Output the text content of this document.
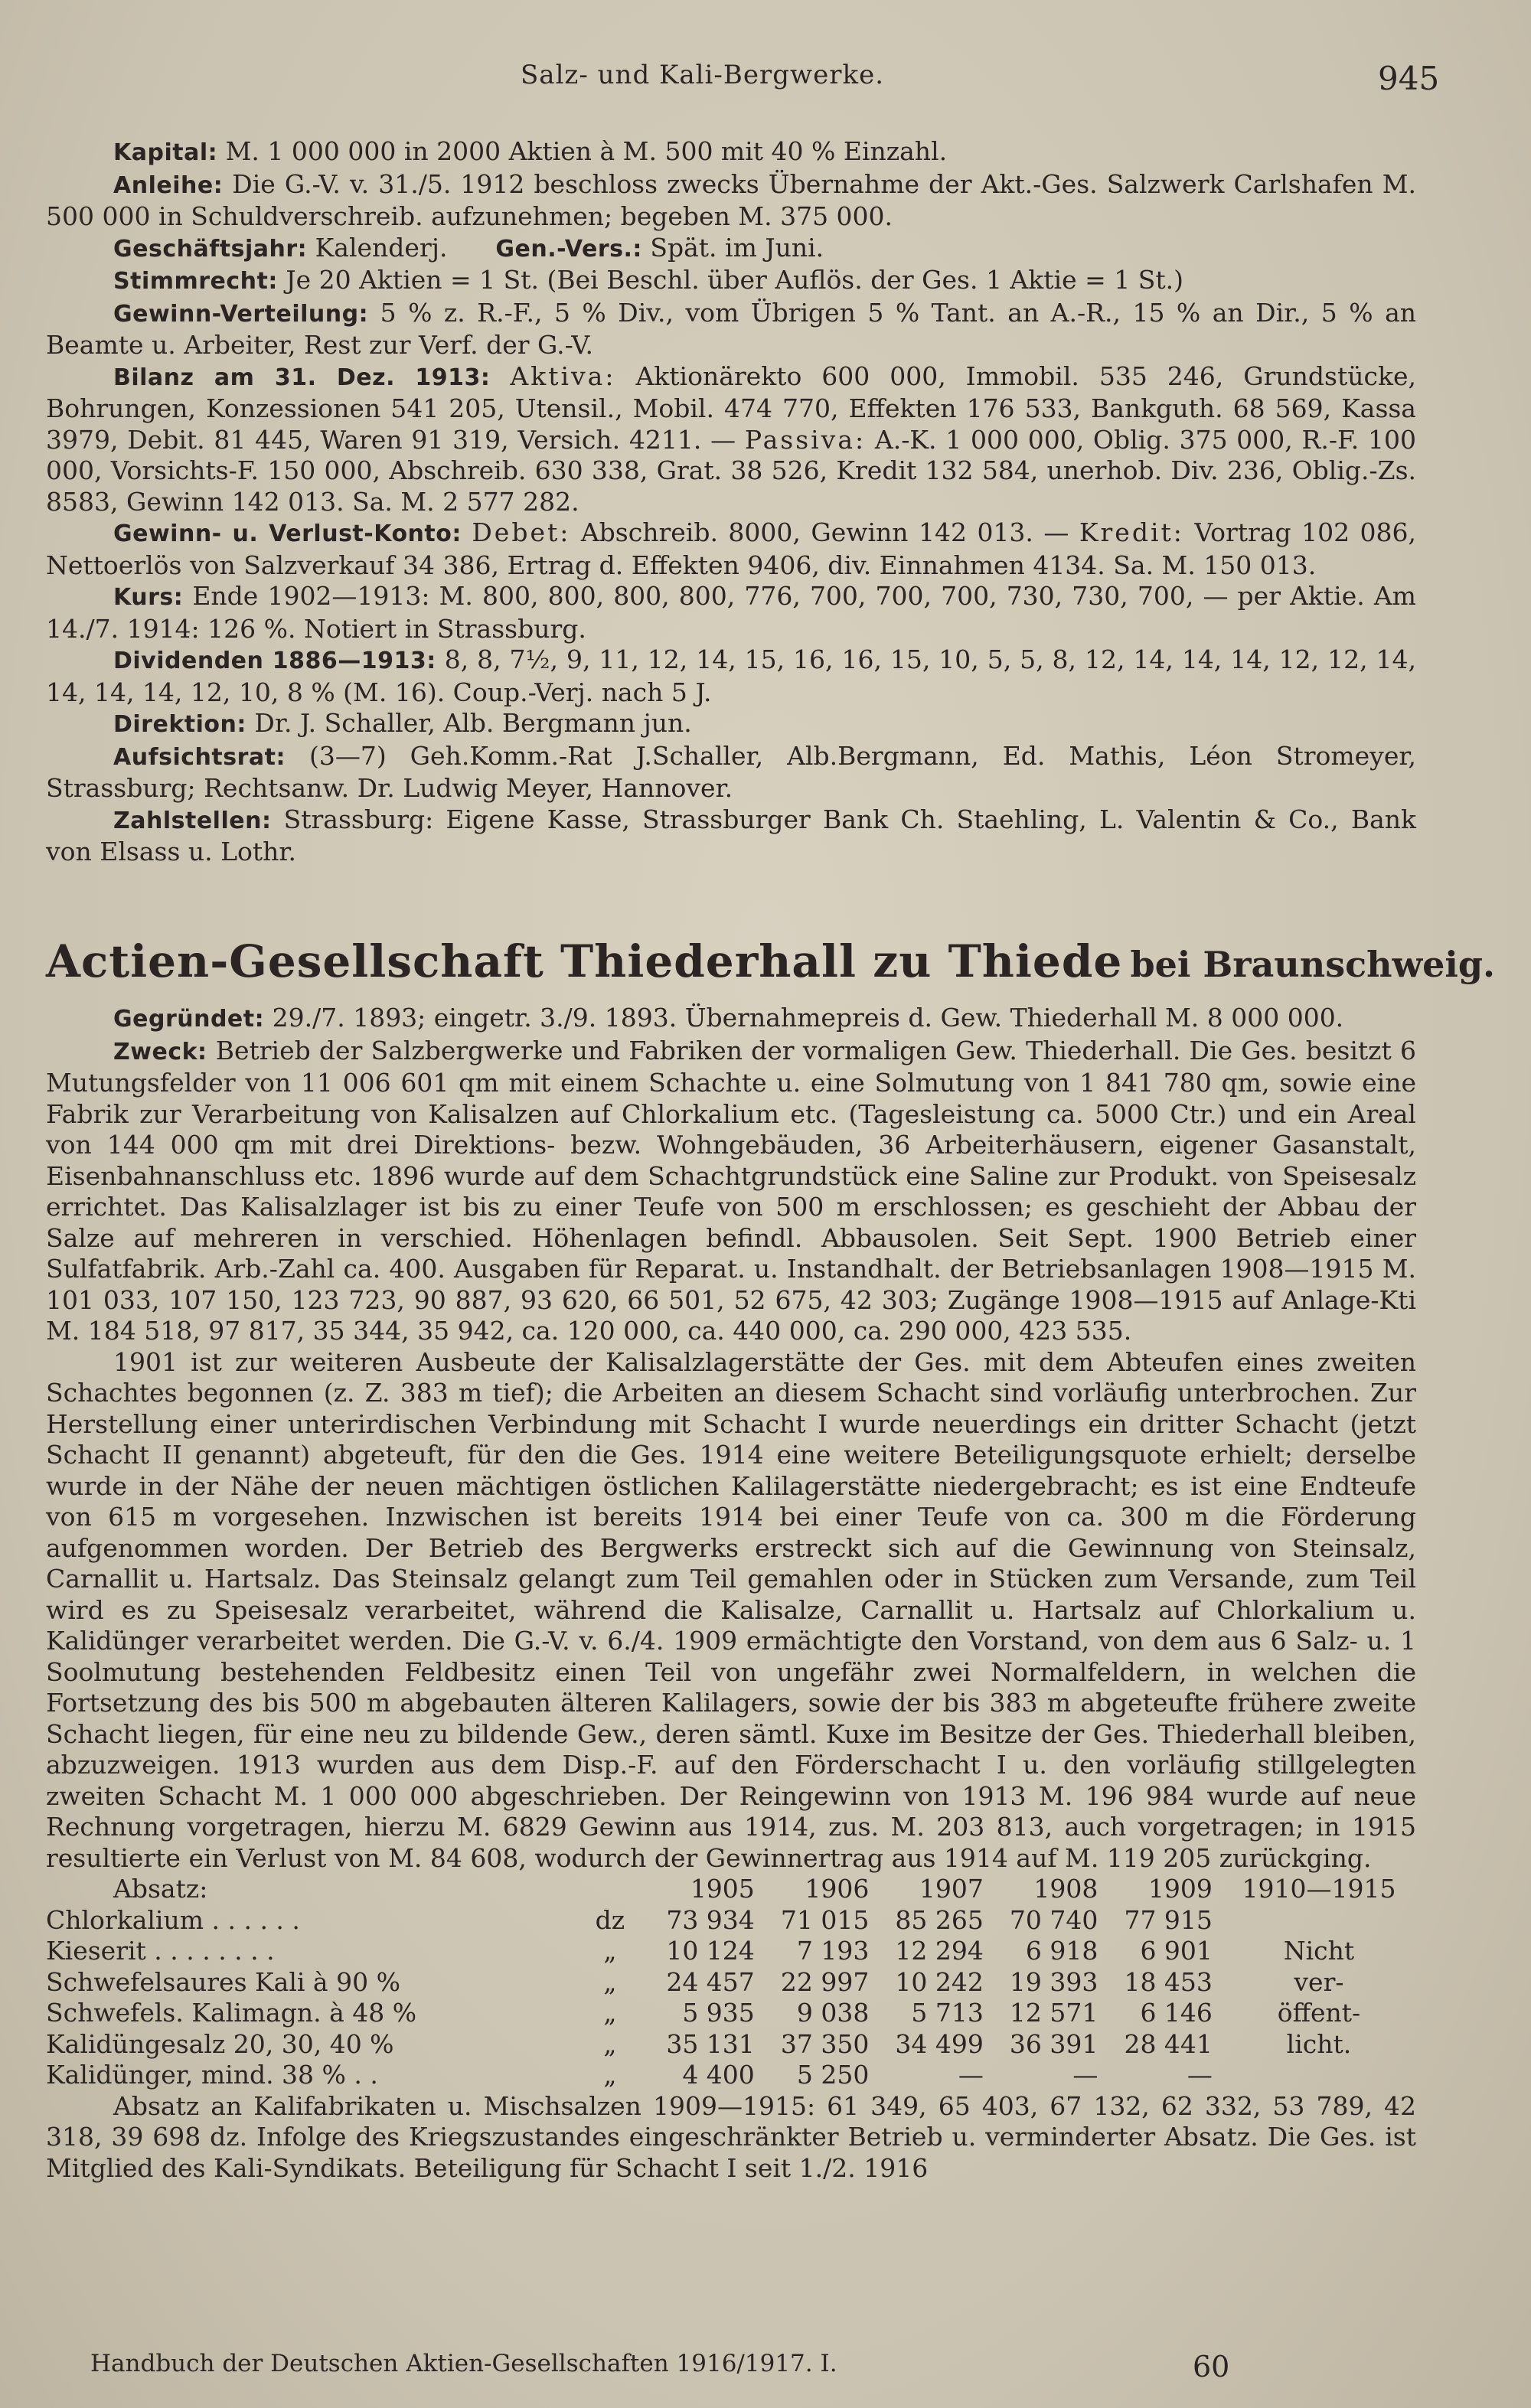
Salz- und Kali-Bergwerke.	945

Kapital: M. 1 000 000 in 2000 Aktien à M. 500 mit 40 % Einzahl.

Anleihe: Die G.-V. v. 31./5. 1912 beschloss zwecks Übernahme der Akt.-Ges. Salzwerk Carlshafen M. 500 000 in Schuldverschreib. aufzunehmen; begeben M. 375 000.

Geschäftsjahr: Kalenderj. Gen.-Vers.: Spät. im Juni.

Stimmrecht: Je 20 Aktien = 1 St. (Bei Beschl. über Auflös. der Ges. 1 Aktie = 1 St.)

Gewinn-Verteilung: 5 % z. R.-F., 5 % Div., vom Übrigen 5 % Tant. an A.-R., 15 % an Dir., 5 % an Beamte u. Arbeiter, Rest zur Verf. der G.-V.

Bilanz am 31. Dez. 1913: Aktiva: Aktionärekto 600 000, Immobil. 535 246, Grundstücke, Bohrungen, Konzessionen 541 205, Utensil., Mobil. 474 770, Effekten 176 533, Bankguth. 68 569, Kassa 3979, Debit. 81 445, Waren 91 319, Versich. 4211. — Passiva: A.-K. 1 000 000, Oblig. 375 000, R.-F. 100 000, Vorsichts-F. 150 000, Abschreib. 630 338, Grat. 38 526, Kredit 132 584, unerhob. Div. 236, Oblig.-Zs. 8583, Gewinn 142 013. Sa. M. 2 577 282.

Gewinn- u. Verlust-Konto: Debet: Abschreib. 8000, Gewinn 142 013. — Kredit: Vortrag 102 086, Nettoerlös von Salzverkauf 34 386, Ertrag d. Effekten 9406, div. Einnahmen 4134. Sa. M. 150 013.

Kurs: Ende 1902—1913: M. 800, 800, 800, 800, 776, 700, 700, 700, 730, 730, 700, — per Aktie. Am 14./7. 1914: 126 %. Notiert in Strassburg.

Dividenden 1886—1913: 8, 8, 7½, 9, 11, 12, 14, 15, 16, 16, 15, 10, 5, 5, 8, 12, 14, 14, 14, 12, 12, 14, 14, 14, 14, 12, 10, 8 % (M. 16). Coup.-Verj. nach 5 J.

Direktion: Dr. J. Schaller, Alb. Bergmann jun.

Aufsichtsrat: (3—7) Geh.Komm.-Rat J.Schaller, Alb.Bergmann, Ed. Mathis, Léon Stromeyer, Strassburg; Rechtsanw. Dr. Ludwig Meyer, Hannover.

Zahlstellen: Strassburg: Eigene Kasse, Strassburger Bank Ch. Staehling, L. Valentin & Co., Bank von Elsass u. Lothr.

Actien-Gesellschaft Thiederhall zu Thiede bei Braunschweig.

Gegründet: 29./7. 1893; eingetr. 3./9. 1893. Übernahmepreis d. Gew. Thiederhall M. 8 000 000.

Zweck: Betrieb der Salzbergwerke und Fabriken der vormaligen Gew. Thiederhall. Die Ges. besitzt 6 Mutungsfelder von 11 006 601 qm mit einem Schachte u. eine Solmutung von 1 841 780 qm, sowie eine Fabrik zur Verarbeitung von Kalisalzen auf Chlorkalium etc. (Tagesleistung ca. 5000 Ctr.) und ein Areal von 144 000 qm mit drei Direktions- bezw. Wohngebäuden, 36 Arbeiterhäusern, eigener Gasanstalt, Eisenbahnanschluss etc. 1896 wurde auf dem Schachtgrundstück eine Saline zur Produkt. von Speisesalz errichtet. Das Kalisalzlager ist bis zu einer Teufe von 500 m erschlossen; es geschieht der Abbau der Salze auf mehreren in verschied. Höhenlagen befindl. Abbausolen. Seit Sept. 1900 Betrieb einer Sulfatfabrik. Arb.-Zahl ca. 400. Ausgaben für Reparat. u. Instandhalt. der Betriebsanlagen 1908—1915 M. 101 033, 107 150, 123 723, 90 887, 93 620, 66 501, 52 675, 42 303; Zugänge 1908—1915 auf Anlage-Kti M. 184 518, 97 817, 35 344, 35 942, ca. 120 000, ca. 440 000, ca. 290 000, 423 535.

1901 ist zur weiteren Ausbeute der Kalisalzlagerstätte der Ges. mit dem Abteufen eines zweiten Schachtes begonnen (z. Z. 383 m tief); die Arbeiten an diesem Schacht sind vorläufig unterbrochen. Zur Herstellung einer unterirdischen Verbindung mit Schacht I wurde neuerdings ein dritter Schacht (jetzt Schacht II genannt) abgeteuft, für den die Ges. 1914 eine weitere Beteiligungsquote erhielt; derselbe wurde in der Nähe der neuen mächtigen östlichen Kalilagerstätte niedergebracht; es ist eine Endteufe von 615 m vorgesehen. Inzwischen ist bereits 1914 bei einer Teufe von ca. 300 m die Förderung aufgenommen worden. Der Betrieb des Bergwerks erstreckt sich auf die Gewinnung von Steinsalz, Carnallit u. Hartsalz. Das Steinsalz gelangt zum Teil gemahlen oder in Stücken zum Versande, zum Teil wird es zu Speisesalz verarbeitet, während die Kalisalze, Carnallit u. Hartsalz auf Chlorkalium u. Kalidünger verarbeitet werden. Die G.-V. v. 6./4. 1909 ermächtigte den Vorstand, von dem aus 6 Salz- u. 1 Soolmutung bestehenden Feldbesitz einen Teil von ungefähr zwei Normalfeldern, in welchen die Fortsetzung des bis 500 m abgebauten älteren Kalilagers, sowie der bis 383 m abgeteufte frühere zweite Schacht liegen, für eine neu zu bildende Gew., deren sämtl. Kuxe im Besitze der Ges. Thiederhall bleiben, abzuzweigen. 1913 wurden aus dem Disp.-F. auf den Förderschacht I u. den vorläufig stillgelegten zweiten Schacht M. 1 000 000 abgeschrieben. Der Reingewinn von 1913 M. 196 984 wurde auf neue Rechnung vorgetragen, hierzu M. 6829 Gewinn aus 1914, zus. M. 203 813, auch vorgetragen; in 1915 resultierte ein Verlust von M. 84 608, wodurch der Gewinnertrag aus 1914 auf M. 119 205 zurückging.

Absatz:		1905	1906	1907	1908	1909	1910—1915
Chlorkalium . . . . . .	dz	73 934	71 015	85 265	70 740	77 915	
Kieserit . . . . . . . .	„	10 124	7 193	12 294	6 918	6 901	Nicht
Schwefelsaures Kali à 90 %	„	24 457	22 997	10 242	19 393	18 453	ver-
Schwefels. Kalimagn. à 48 %	„	5 935	9 038	5 713	12 571	6 146	öffent-
Kalidüngesalz 20, 30, 40 %	„	35 131	37 350	34 499	36 391	28 441	licht.
Kalidünger, mind. 38 % . .	„	4 400	5 250	—	—	—	

Absatz an Kalifabrikaten u. Mischsalzen 1909—1915: 61 349, 65 403, 67 132, 62 332, 53 789, 42 318, 39 698 dz. Infolge des Kriegszustandes eingeschränkter Betrieb u. verminderter Absatz. Die Ges. ist Mitglied des Kali-Syndikats. Beteiligung für Schacht I seit 1./2. 1916

Handbuch der Deutschen Aktien-Gesellschaften 1916/1917. I.	60
